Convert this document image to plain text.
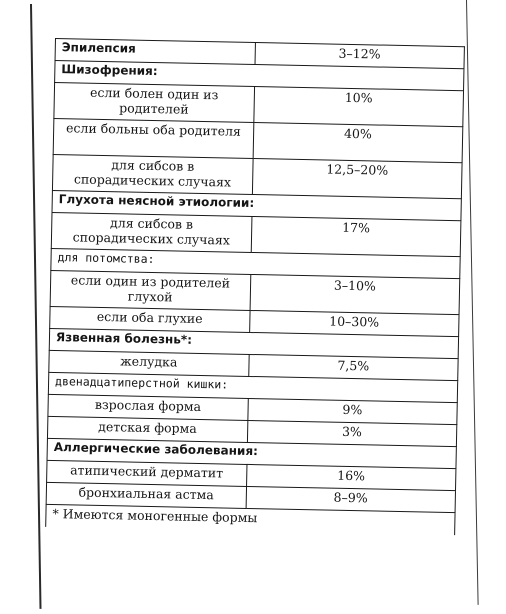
Эпилепсия	3–12%
Шизофрения:	
если болен один из родителей	10%
если больны оба родителя	40%
для сибсов в спорадических случаях	12,5–20%
Глухота неясной этиологии:	
для сибсов в спорадических случаях	17%
для потомства:	
если один из родителей глухой	3–10%
если оба глухие	10–30%
Язвенная болезнь*:	
желудка	7,5%
двенадцатиперстной кишки:	
взрослая форма	9%
детская форма	3%
Аллергические заболевания:	
атипический дерматит	16%
бронхиальная астма	8–9%
* Имеются моногенные формы	
